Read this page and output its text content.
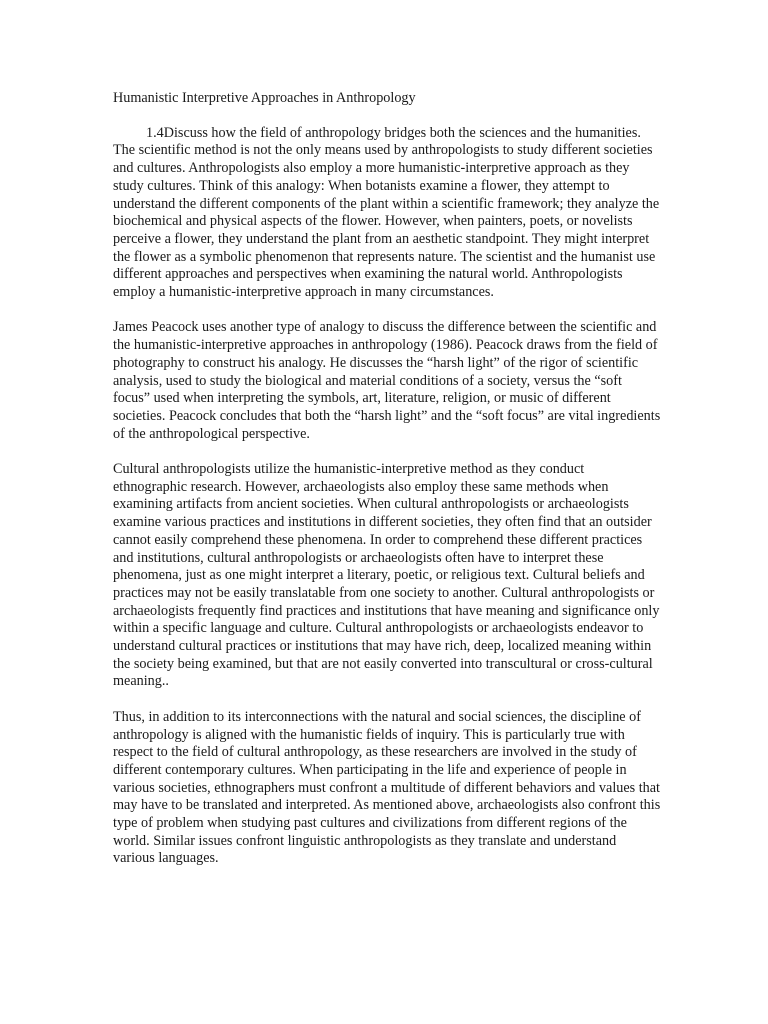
Humanistic Interpretive Approaches in Anthropology

1.4Discuss how the field of anthropology bridges both the sciences and the humanities. The scientific method is not the only means used by anthropologists to study different societies and cultures. Anthropologists also employ a more humanistic-interpretive approach as they study cultures. Think of this analogy: When botanists examine a flower, they attempt to understand the different components of the plant within a scientific framework; they analyze the biochemical and physical aspects of the flower. However, when painters, poets, or novelists perceive a flower, they understand the plant from an aesthetic standpoint. They might interpret the flower as a symbolic phenomenon that represents nature. The scientist and the humanist use different approaches and perspectives when examining the natural world. Anthropologists employ a humanistic-interpretive approach in many circumstances.

James Peacock uses another type of analogy to discuss the difference between the scientific and the humanistic-interpretive approaches in anthropology (1986). Peacock draws from the field of photography to construct his analogy. He discusses the “harsh light” of the rigor of scientific analysis, used to study the biological and material conditions of a society, versus the “soft focus” used when interpreting the symbols, art, literature, religion, or music of different societies. Peacock concludes that both the “harsh light” and the “soft focus” are vital ingredients of the anthropological perspective.

Cultural anthropologists utilize the humanistic-interpretive method as they conduct ethnographic research. However, archaeologists also employ these same methods when examining artifacts from ancient societies. When cultural anthropologists or archaeologists examine various practices and institutions in different societies, they often find that an outsider cannot easily comprehend these phenomena. In order to comprehend these different practices and institutions, cultural anthropologists or archaeologists often have to interpret these phenomena, just as one might interpret a literary, poetic, or religious text. Cultural beliefs and practices may not be easily translatable from one society to another. Cultural anthropologists or archaeologists frequently find practices and institutions that have meaning and significance only within a specific language and culture. Cultural anthropologists or archaeologists endeavor to understand cultural practices or institutions that may have rich, deep, localized meaning within the society being examined, but that are not easily converted into transcultural or cross-cultural meaning..

Thus, in addition to its interconnections with the natural and social sciences, the discipline of anthropology is aligned with the humanistic fields of inquiry. This is particularly true with respect to the field of cultural anthropology, as these researchers are involved in the study of different contemporary cultures. When participating in the life and experience of people in various societies, ethnographers must confront a multitude of different behaviors and values that may have to be translated and interpreted. As mentioned above, archaeologists also confront this type of problem when studying past cultures and civilizations from different regions of the world. Similar issues confront linguistic anthropologists as they translate and understand various languages.
